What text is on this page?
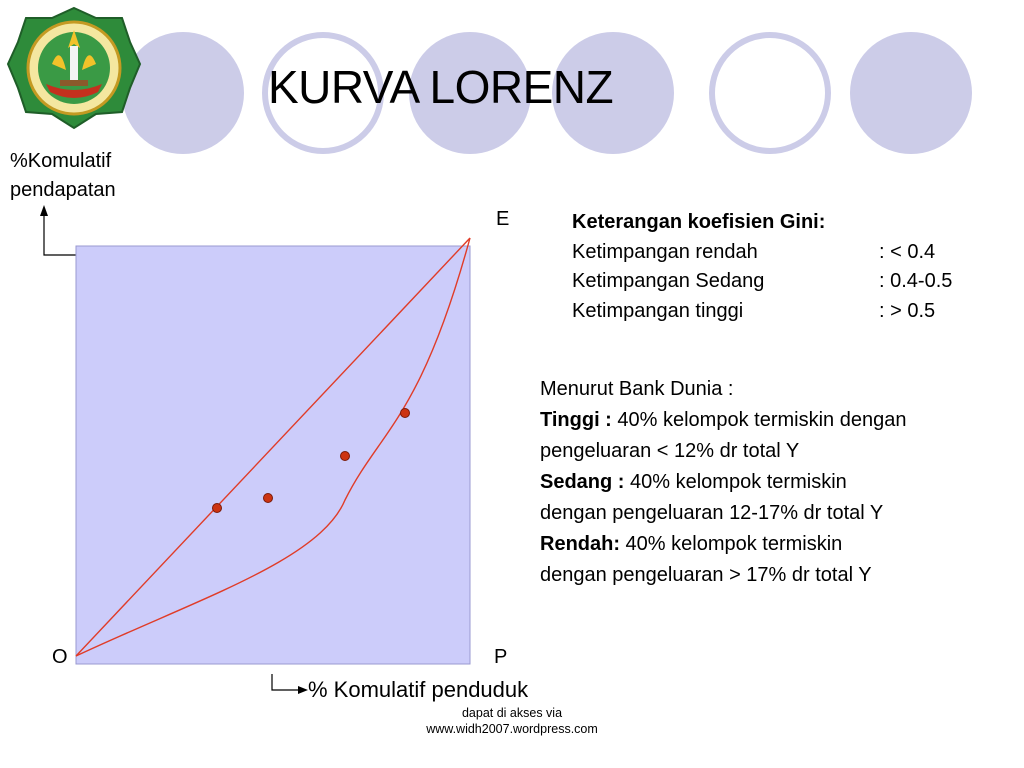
KURVA LORENZ
%Komulatif
pendapatan
O
E
P
% Komulatif penduduk
Keterangan koefisien Gini:
Ketimpangan rendah	: < 0.4
Ketimpangan Sedang	: 0.4-0.5
Ketimpangan tinggi	: > 0.5

Menurut Bank Dunia :

Tinggi : 40% kelompok termiskin dengan

pengeluaran < 12% dr total Y

Sedang : 40% kelompok termiskin

dengan pengeluaran 12-17% dr total Y

Rendah: 40% kelompok termiskin

dengan pengeluaran > 17% dr total Y

dapat di akses via
www.widh2007.wordpress.com
